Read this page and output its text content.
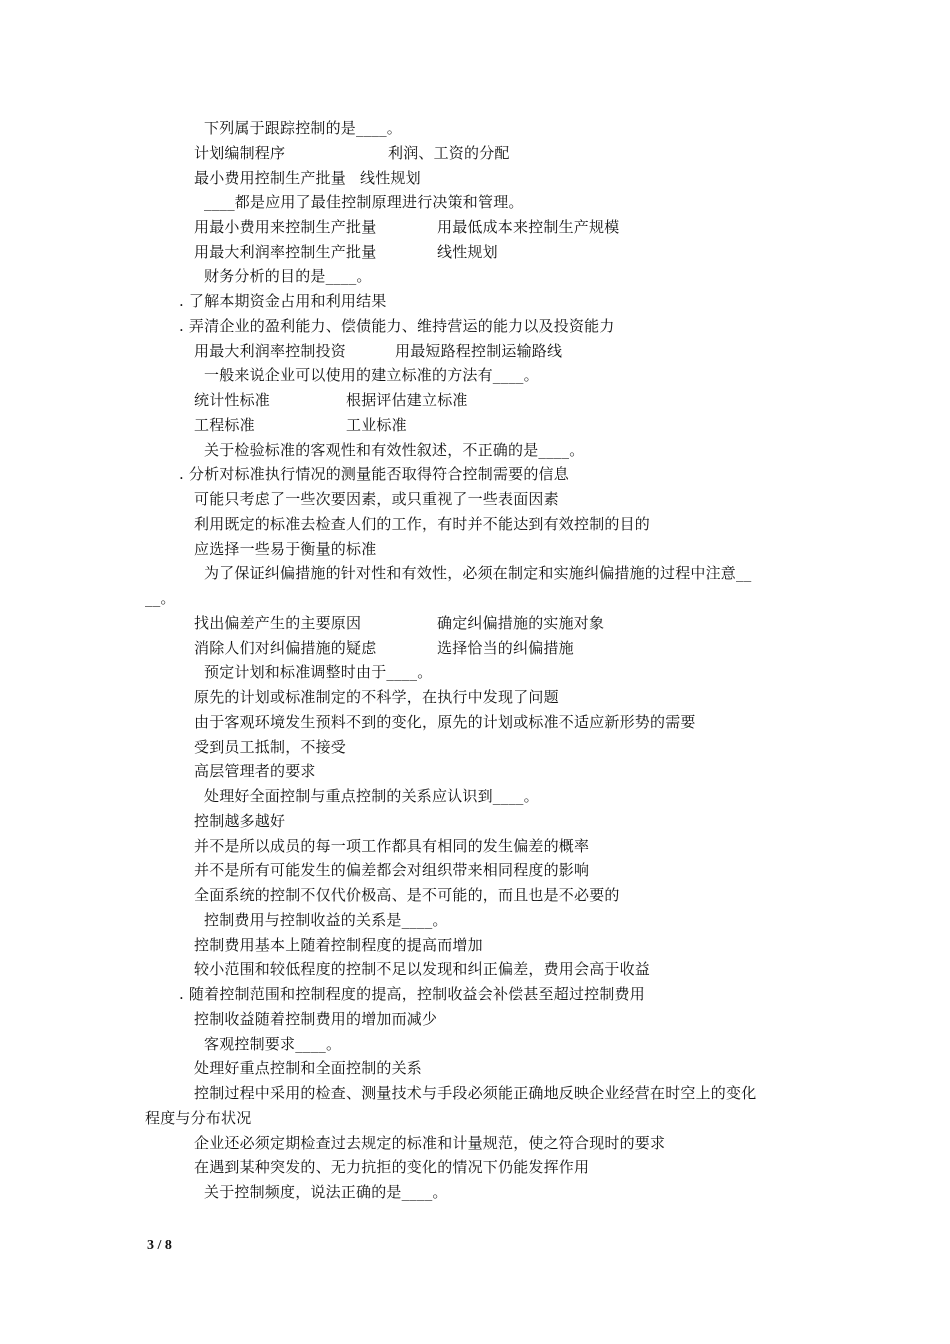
下列属于跟踪控制的是____。
计划编制程序	利润、工资的分配
最小费用控制生产批量 线性规划
____都是应用了最佳控制原理进行决策和管理。
用最小费用来控制生产批量	用最低成本来控制生产规模
用最大利润率控制生产批量	线性规划
财务分析的目的是____。
. 了解本期资金占用和利用结果
. 弄清企业的盈利能力、偿债能力、维持营运的能力以及投资能力
用最大利润率控制投资	用最短路程控制运输路线
一般来说企业可以使用的建立标准的方法有____。
统计性标准	根据评估建立标准
工程标准	工业标准
关于检验标准的客观性和有效性叙述，不正确的是____。
. 分析对标准执行情况的测量能否取得符合控制需要的信息
可能只考虑了一些次要因素，或只重视了一些表面因素
利用既定的标准去检查人们的工作，有时并不能达到有效控制的目的
应选择一些易于衡量的标准
为了保证纠偏措施的针对性和有效性，必须在制定和实施纠偏措施的过程中注意__
__。
找出偏差产生的主要原因	确定纠偏措施的实施对象
消除人们对纠偏措施的疑虑	选择恰当的纠偏措施
预定计划和标准调整时由于____。
原先的计划或标准制定的不科学，在执行中发现了问题
由于客观环境发生预料不到的变化，原先的计划或标准不适应新形势的需要
受到员工抵制，不接受
高层管理者的要求
处理好全面控制与重点控制的关系应认识到____。
控制越多越好
并不是所以成员的每一项工作都具有相同的发生偏差的概率
并不是所有可能发生的偏差都会对组织带来相同程度的影响
全面系统的控制不仅代价极高、是不可能的，而且也是不必要的
控制费用与控制收益的关系是____。
控制费用基本上随着控制程度的提高而增加
较小范围和较低程度的控制不足以发现和纠正偏差，费用会高于收益
. 随着控制范围和控制程度的提高，控制收益会补偿甚至超过控制费用
控制收益随着控制费用的增加而减少
客观控制要求____。
处理好重点控制和全面控制的关系
控制过程中采用的检查、测量技术与手段必须能正确地反映企业经营在时空上的变化
程度与分布状况
企业还必须定期检查过去规定的标准和计量规范，使之符合现时的要求
在遇到某种突发的、无力抗拒的变化的情况下仍能发挥作用
关于控制频度，说法正确的是____。
3 / 8
